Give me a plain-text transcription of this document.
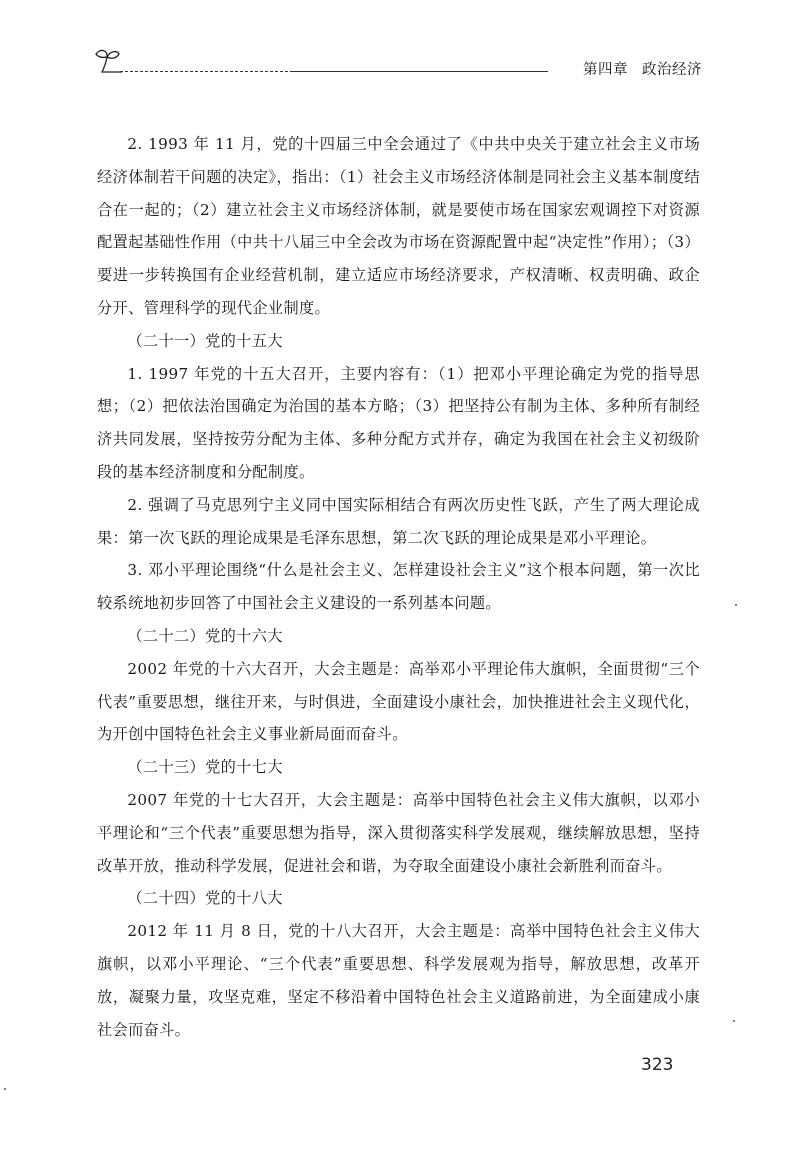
第四章 政治经济

2. 1993 年 11 月，党的十四届三中全会通过了《中共中央关于建立社会主义市场经济体制若干问题的决定》，指出：（1）社会主义市场经济体制是同社会主义基本制度结合在一起的；（2）建立社会主义市场经济体制，就是要使市场在国家宏观调控下对资源配置起基础性作用（中共十八届三中全会改为市场在资源配置中起“决定性”作用）；（3）要进一步转换国有企业经营机制，建立适应市场经济要求，产权清晰、权责明确、政企分开、管理科学的现代企业制度。

（二十一）党的十五大

1. 1997 年党的十五大召开，主要内容有：（1）把邓小平理论确定为党的指导思想；（2）把依法治国确定为治国的基本方略；（3）把坚持公有制为主体、多种所有制经济共同发展，坚持按劳分配为主体、多种分配方式并存，确定为我国在社会主义初级阶段的基本经济制度和分配制度。

2. 强调了马克思列宁主义同中国实际相结合有两次历史性飞跃，产生了两大理论成果：第一次飞跃的理论成果是毛泽东思想，第二次飞跃的理论成果是邓小平理论。

3. 邓小平理论围绕“什么是社会主义、怎样建设社会主义”这个根本问题，第一次比较系统地初步回答了中国社会主义建设的一系列基本问题。

（二十二）党的十六大

2002 年党的十六大召开，大会主题是：高举邓小平理论伟大旗帜，全面贯彻“三个代表”重要思想，继往开来，与时俱进，全面建设小康社会，加快推进社会主义现代化，为开创中国特色社会主义事业新局面而奋斗。

（二十三）党的十七大

2007 年党的十七大召开，大会主题是：高举中国特色社会主义伟大旗帜，以邓小平理论和“三个代表”重要思想为指导，深入贯彻落实科学发展观，继续解放思想，坚持改革开放，推动科学发展，促进社会和谐，为夺取全面建设小康社会新胜利而奋斗。

（二十四）党的十八大

2012 年 11 月 8 日，党的十八大召开，大会主题是：高举中国特色社会主义伟大旗帜，以邓小平理论、“三个代表”重要思想、科学发展观为指导，解放思想，改革开放，凝聚力量，攻坚克难，坚定不移沿着中国特色社会主义道路前进，为全面建成小康社会而奋斗。

323
